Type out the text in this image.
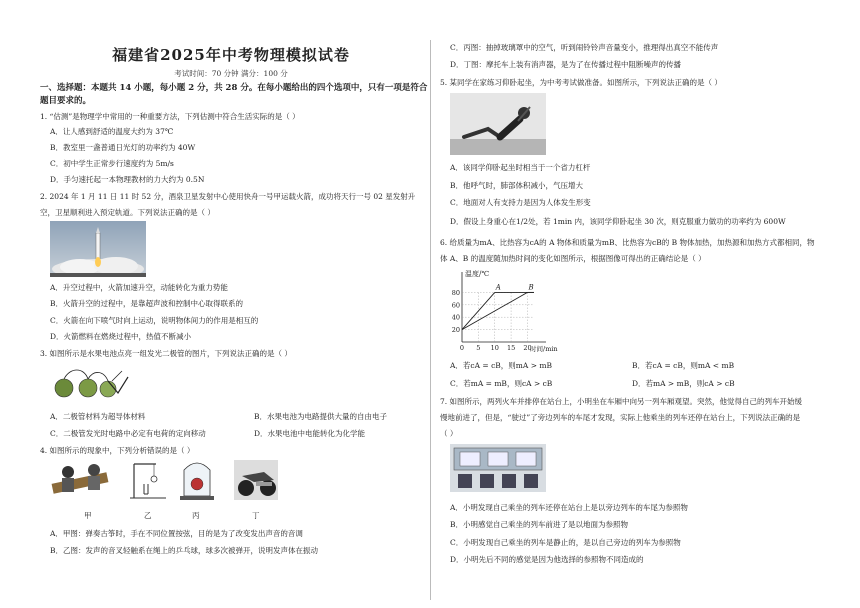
福建省2025年中考物理模拟试卷
考试时间：70 分钟 满分：100 分
一、选择题：本题共 14 小题，每小题 2 分，共 28 分。在每小题给出的四个选项中，只有一项是符合
题目要求的。
1. “估测”是物理学中常用的一种重要方法，下列估测中符合生活实际的是（ ）
A．让人感到舒适的温度大约为 37℃
B．教室里一盏普通日光灯的功率约为 40W
C．初中学生正常步行速度约为 5m/s
D．手匀速托起一本物理教材的力大约为 0.5N
2. 2024 年 1 月 11 日 11 时 52 分，酒泉卫星发射中心使用快舟一号甲运载火箭，成功将天行一号 02 星发射升
空，卫星顺利进入预定轨道。下列说法正确的是（ ）
A．升空过程中，火箭加速升空，动能转化为重力势能
B．火箭升空的过程中，是靠超声波和控制中心取得联系的
C．火箭在向下喷气时向上运动，说明物体间力的作用是相互的
D．火箭燃料在燃烧过程中，热值不断减小
3. 如图所示是水果电池点亮一组发光二极管的图片，下列说法正确的是（ ）
A．二极管材料为超导体材料	B．水果电池为电路提供大量的自由电子
C．二极管发光时电路中必定有电荷的定向移动	D．水果电池中电能转化为化学能
4. 如图所示的现象中，下列分析错误的是（ ）
甲	乙	丙	丁
A．甲图：弹奏古筝时，手在不同位置按弦，目的是为了改变发出声音的音调
B．乙图：发声的音叉轻触系在绳上的乒乓球，球多次被弹开，说明发声体在振动
C．丙图：抽掉玻璃罩中的空气，听到闹铃铃声音量变小，推理得出真空不能传声
D．丁图：摩托车上装有消声器，是为了在传播过程中阻断噪声的传播
5. 某同学在家练习仰卧起坐，为中考考试做准备。如图所示，下列说法正确的是（ ）
A．该同学仰卧起坐时相当于一个省力杠杆
B．他呼气时，肺部体积减小，气压增大
C．地面对人有支持力是因为人体发生形变
D．假设上身重心在1/2处，若 1min 内，该同学仰卧起坐 30 次，则克服重力做功的功率约为 600W
6. 给质量为mA、比热容为cA的 A 物体和质量为mB、比热容为cB的 B 物体加热，加热源和加热方式都相同，物
体 A、B 的温度随加热时间的变化如图所示，根据图像可得出的正确结论是（ ）
温度/℃
时间/min
20
40
60
80
0 5 10 15 20
A	B
A．若cA = cB，则mA > mB	B．若cA = cB，则mA < mB
C．若mA = mB，则cA > cB	D．若mA > mB，则cA > cB
7. 如图所示，两列火车并排停在站台上，小明坐在车厢中向另一列车厢观望。突然，他觉得自己的列车开始缓
慢地前进了，但是，“驶过”了旁边列车的车尾才发现，实际上他乘坐的列车还停在站台上，下列说法正确的是
（ ）
A．小明发现自己乘坐的列车还停在站台上是以旁边列车的车尾为参照物
B．小明感觉自己乘坐的列车前进了是以地面为参照物
C．小明发现自己乘坐的列车是静止的，是以自己旁边的列车为参照物
D．小明先后不同的感觉是因为他选择的参照物不同造成的
